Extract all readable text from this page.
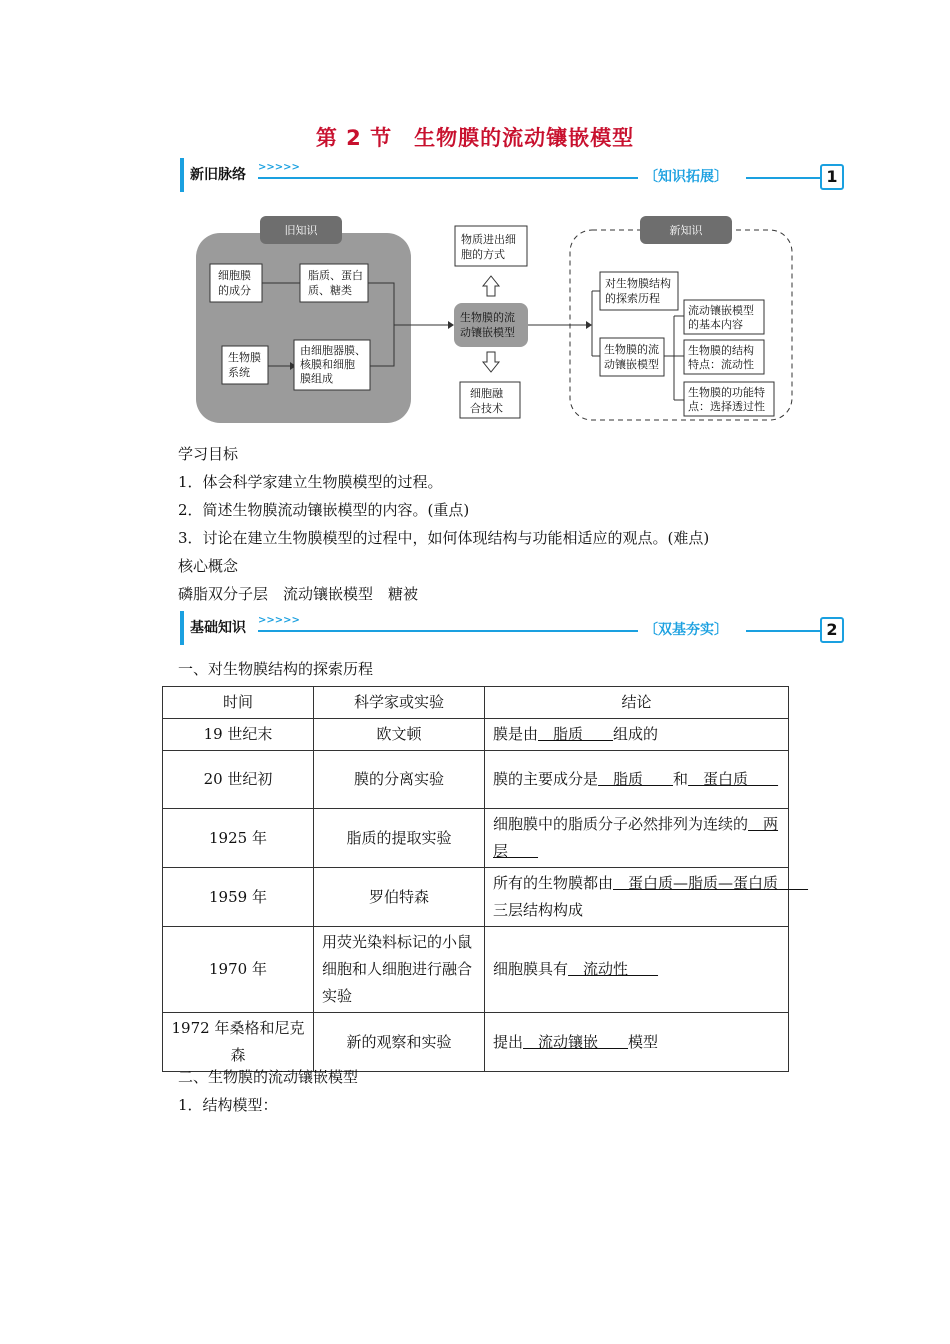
第 2 节　生物膜的流动镶嵌模型
新旧脉络 >>>>>
〔知识拓展〕	1
旧知识	新知识
细胞膜
的成分
脂质、蛋白
质、糖类
生物膜
系统
由细胞器膜、
核膜和细胞
膜组成
生物膜的流
动镶嵌模型
物质进出细
胞的方式
细胞融
合技术
对生物膜结构
的探索历程
生物膜的流
动镶嵌模型
流动镶嵌模型
的基本内容
生物膜的结构
特点：流动性
生物膜的功能特
点：选择透过性
学习目标
1．体会科学家建立生物膜模型的过程。
2．简述生物膜流动镶嵌模型的内容。(重点)
3．讨论在建立生物膜模型的过程中，如何体现结构与功能相适应的观点。(难点)
核心概念
磷脂双分子层　流动镶嵌模型　糖被
基础知识 >>>>>
〔双基夯实〕	2
一、对生物膜结构的探索历程
时间	科学家或实验	结论
19 世纪末	欧文顿	膜是由　脂质　　组成的
20 世纪初	膜的分离实验	膜的主要成分是　脂质　　和　蛋白质　　
1925 年	脂质的提取实验	细胞膜中的脂质分子必然排列为连续的　两层　　
1959 年	罗伯特森	所有的生物膜都由　蛋白质—脂质—蛋白质　　三层结构构成
1970 年	用荧光染料标记的小鼠细胞和人细胞进行融合实验	细胞膜具有　流动性　　
1972 年桑格和尼克森	新的观察和实验	提出　流动镶嵌　　模型
二、生物膜的流动镶嵌模型
1．结构模型：
